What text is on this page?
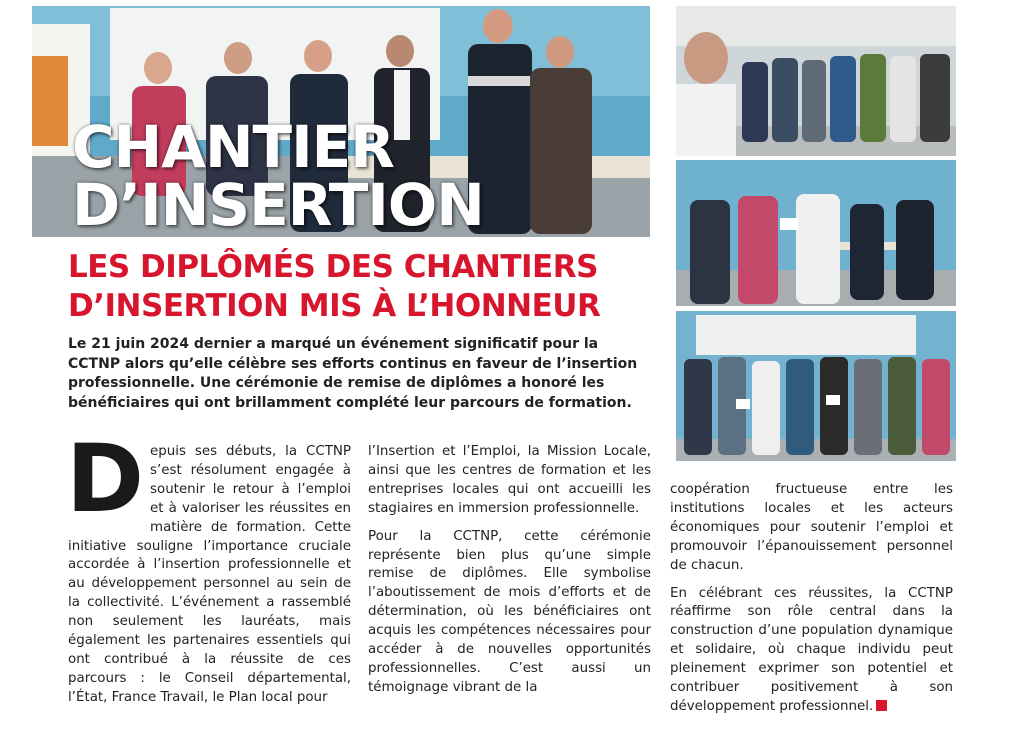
CHANTIER
D’INSERTION
LES DIPLÔMÉS DES CHANTIERS
D’INSERTION MIS À L’HONNEUR

Le 21 juin 2024 dernier a marqué un événement significatif pour la CCTNP alors qu’elle célèbre ses efforts continus en faveur de l’insertion professionnelle. Une cérémonie de remise de diplômes a honoré les bénéficiaires qui ont brillamment complété leur parcours de formation.

Depuis ses débuts, la CCTNP s’est résolument engagée à soutenir le retour à l’emploi et à valoriser les réussites en matière de formation. Cette initiative souligne l’importance cruciale accordée à l’insertion professionnelle et au développement personnel au sein de la collectivité. L’événement a rassemblé non seulement les lauréats, mais également les partenaires essentiels qui ont contribué à la réussite de ces parcours : le Conseil départemental, l’État, France Travail, le Plan local pour

l’Insertion et l’Emploi, la Mission Locale, ainsi que les centres de formation et les entreprises locales qui ont accueilli les stagiaires en immersion professionnelle.

Pour la CCTNP, cette cérémonie représente bien plus qu’une simple remise de diplômes. Elle symbolise l’aboutissement de mois d’efforts et de détermination, où les bénéficiaires ont acquis les compétences nécessaires pour accéder à de nouvelles opportunités professionnelles. C’est aussi un témoignage vibrant de la

coopération fructueuse entre les institutions locales et les acteurs économiques pour soutenir l’emploi et promouvoir l’épanouissement personnel de chacun.

En célébrant ces réussites, la CCTNP réaffirme son rôle central dans la construction d’une population dynamique et solidaire, où chaque individu peut pleinement exprimer son potentiel et contribuer positivement à son développement professionnel.
